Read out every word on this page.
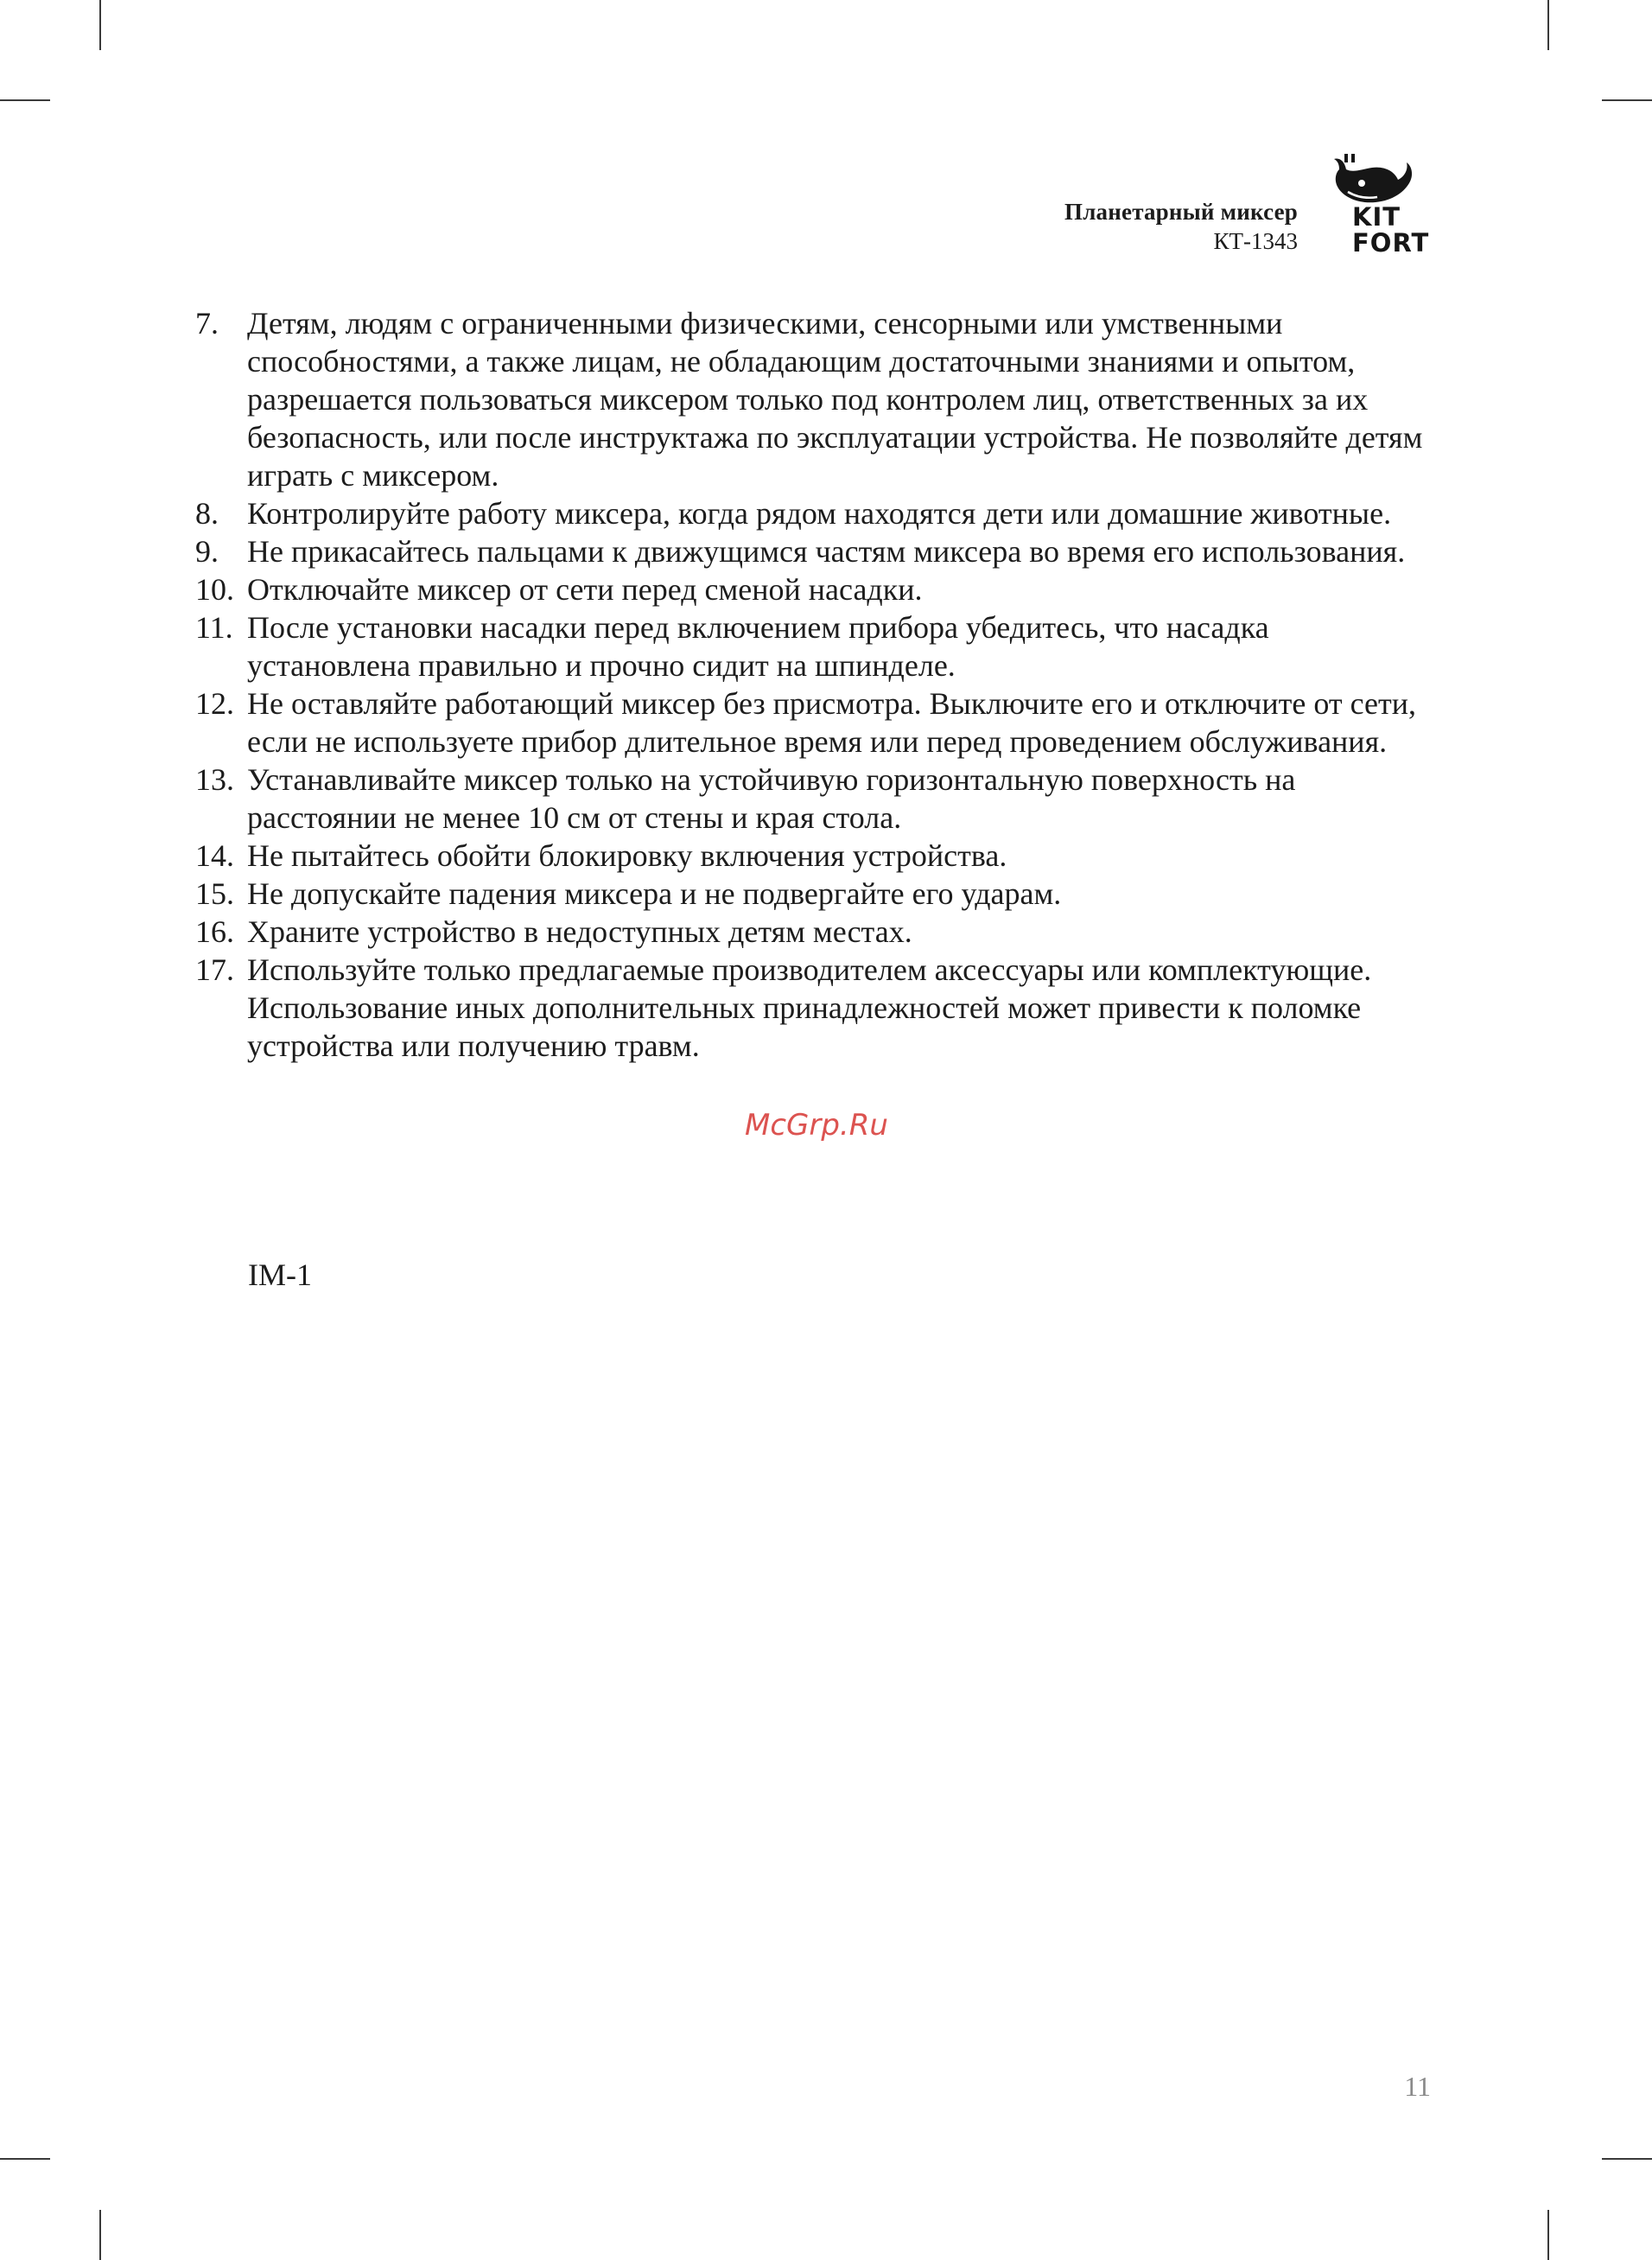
Планетарный миксер
КТ-1343
KIT
FORT
7. Детям, людям с ограниченными физическими, сенсорными или умственными способностями, а также лицам, не обладающим достаточными знаниями и опытом, разрешается пользоваться миксером только под контролем лиц, ответственных за их безопасность, или после инструктажа по эксплуатации устройства. Не позволяйте детям играть с миксером.
8. Контролируйте работу миксера, когда рядом находятся дети или домашние животные.
9. Не прикасайтесь пальцами к движущимся частям миксера во время его использования.
10. Отключайте миксер от сети перед сменой насадки.
11. После установки насадки перед включением прибора убедитесь, что насадка установлена правильно и прочно сидит на шпинделе.
12. Не оставляйте работающий миксер без присмотра. Выключите его и отключите от сети, если не используете прибор длительное время или перед проведением обслуживания.
13. Устанавливайте миксер только на устойчивую горизонтальную поверхность на расстоянии не менее 10 см от стены и края стола.
14. Не пытайтесь обойти блокировку включения устройства.
15. Не допускайте падения миксера и не подвергайте его ударам.
16. Храните устройство в недоступных детям местах.
17. Используйте только предлагаемые производителем аксессуары или комплектующие. Использование иных дополнительных принадлежностей может привести к поломке устройства или получению травм.
McGrp.Ru
IM-1
11
